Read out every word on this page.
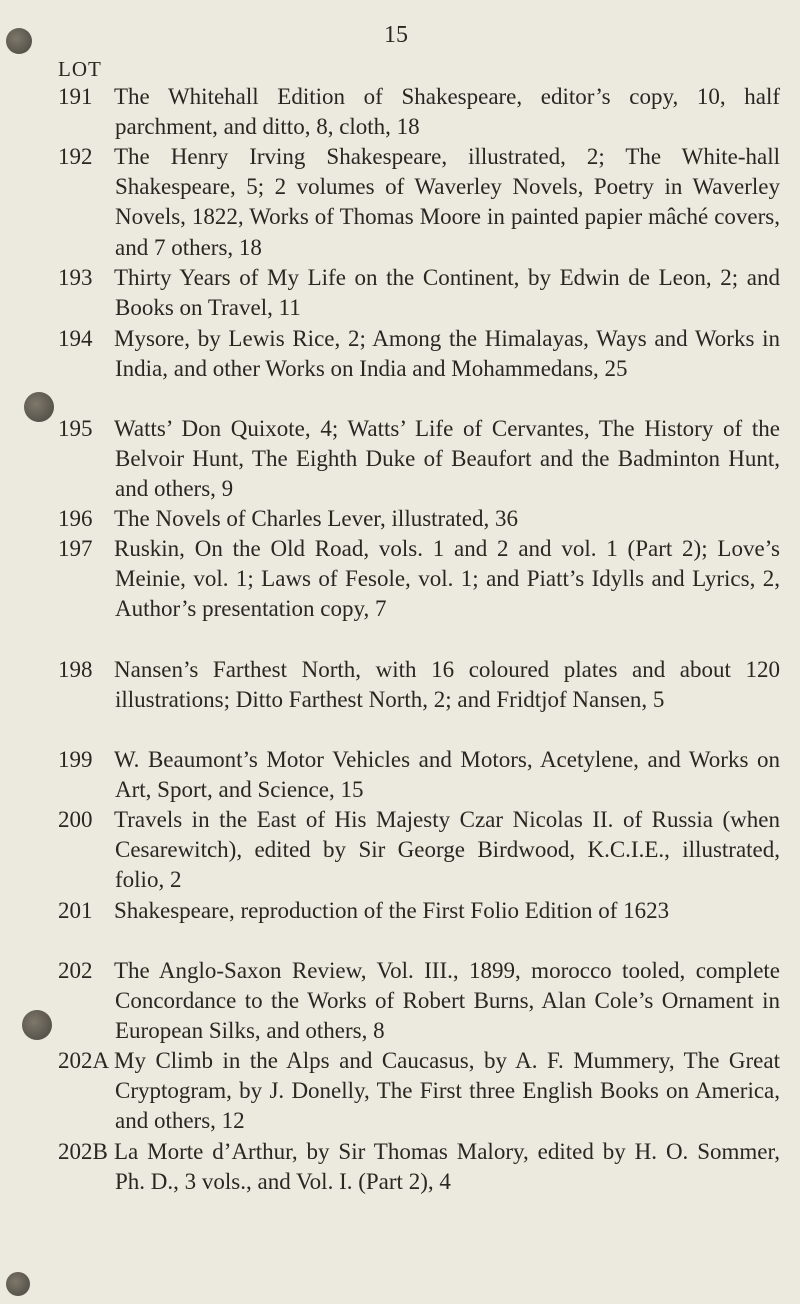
15
LOT
191 The Whitehall Edition of Shakespeare, editor’s copy, 10, half parchment, and ditto, 8, cloth, 18
192 The Henry Irving Shakespeare, illustrated, 2; The White-hall Shakespeare, 5; 2 volumes of Waverley Novels, Poetry in Waverley Novels, 1822, Works of Thomas Moore in painted papier mâché covers, and 7 others, 18
193 Thirty Years of My Life on the Continent, by Edwin de Leon, 2; and Books on Travel, 11
194 Mysore, by Lewis Rice, 2; Among the Himalayas, Ways and Works in India, and other Works on India and Mohammedans, 25
195 Watts’ Don Quixote, 4; Watts’ Life of Cervantes, The History of the Belvoir Hunt, The Eighth Duke of Beaufort and the Badminton Hunt, and others, 9
196 The Novels of Charles Lever, illustrated, 36
197 Ruskin, On the Old Road, vols. 1 and 2 and vol. 1 (Part 2); Love’s Meinie, vol. 1; Laws of Fesole, vol. 1; and Piatt’s Idylls and Lyrics, 2, Author’s presentation copy, 7
198 Nansen’s Farthest North, with 16 coloured plates and about 120 illustrations; Ditto Farthest North, 2; and Fridtjof Nansen, 5
199 W. Beaumont’s Motor Vehicles and Motors, Acetylene, and Works on Art, Sport, and Science, 15
200 Travels in the East of His Majesty Czar Nicolas II. of Russia (when Cesarewitch), edited by Sir George Birdwood, K.C.I.E., illustrated, folio, 2
201 Shakespeare, reproduction of the First Folio Edition of 1623
202 The Anglo-Saxon Review, Vol. III., 1899, morocco tooled, complete Concordance to the Works of Robert Burns, Alan Cole’s Ornament in European Silks, and others, 8
202A My Climb in the Alps and Caucasus, by A. F. Mummery, The Great Cryptogram, by J. Donelly, The First three English Books on America, and others, 12
202B La Morte d’Arthur, by Sir Thomas Malory, edited by H. O. Sommer, Ph. D., 3 vols., and Vol. I. (Part 2), 4
